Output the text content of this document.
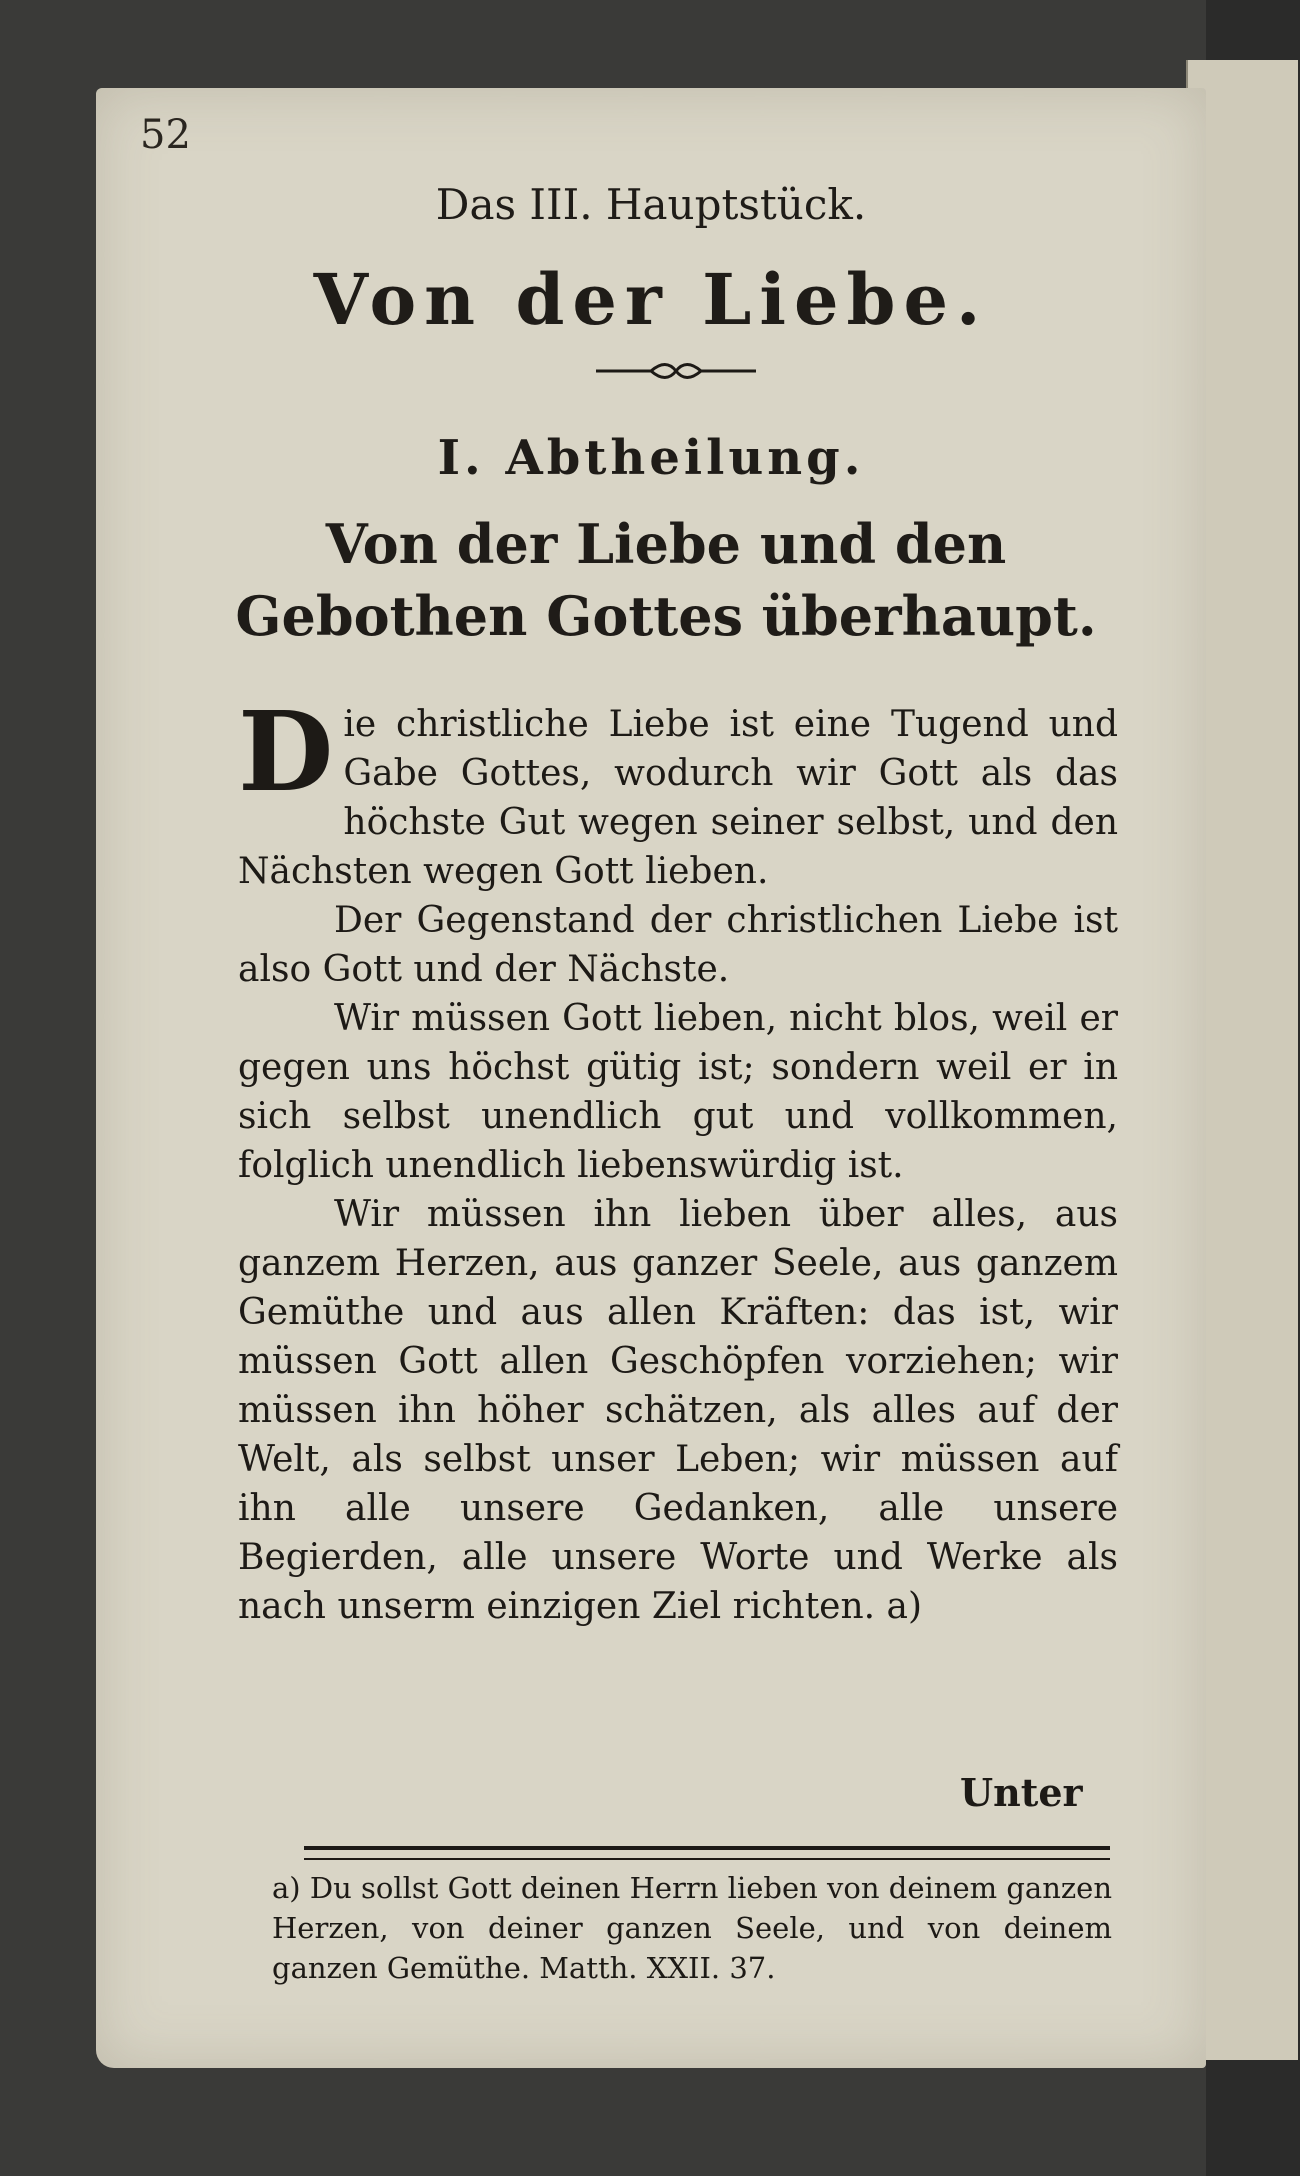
52
Das III. Hauptstück.
Von der Liebe.
I. Abtheilung.
Von der Liebe und den Gebothen Gottes überhaupt.

Die christliche Liebe ist eine Tugend und Gabe Gottes, wodurch wir Gott als das höchste Gut wegen seiner selbst, und den Nächsten wegen Gott lieben.

Der Gegenstand der christlichen Liebe ist also Gott und der Nächste.

Wir müssen Gott lieben, nicht blos, weil er gegen uns höchst gütig ist; sondern weil er in sich selbst unendlich gut und vollkommen, folglich unendlich liebenswürdig ist.

Wir müssen ihn lieben über alles, aus ganzem Herzen, aus ganzer Seele, aus ganzem Gemüthe und aus allen Kräften: das ist, wir müssen Gott allen Geschöpfen vorziehen; wir müssen ihn höher schätzen, als alles auf der Welt, als selbst unser Leben; wir müssen auf ihn alle unsere Gedanken, alle unsere Begierden, alle unsere Worte und Werke als nach unserm einzigen Ziel richten. a)

Unter
a) Du sollst Gott deinen Herrn lieben von deinem ganzen Herzen, von deiner ganzen Seele, und von deinem ganzen Gemüthe. Matth. XXII. 37.
